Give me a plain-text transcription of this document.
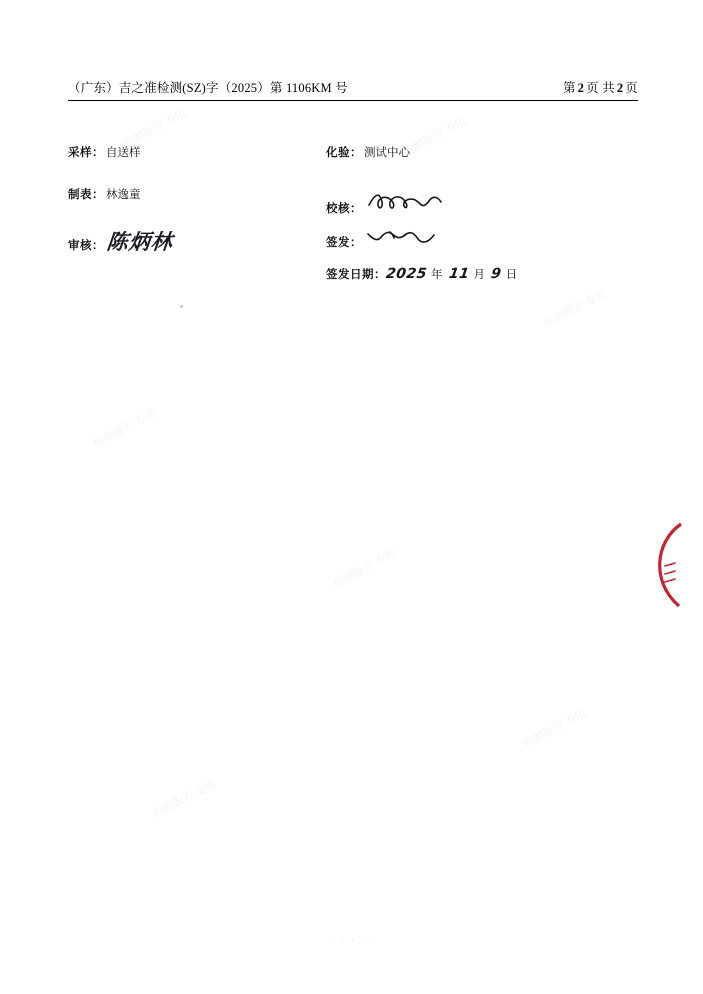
检测报告 专用	检测报告 专用
检测报告 专用
检测报告 专用
检测报告 专用
检测报告 专用
检测报告 专用
（广东）吉之准检测(SZ)字（2025）第 1106KM 号	第 2 页 共 2 页
采样： 自送样	化验： 测试中心
制表： 林逸童
校核：
审核： 陈炳林	签发：
签发日期：
2025 年 11 月 9 日
· · · · ·
